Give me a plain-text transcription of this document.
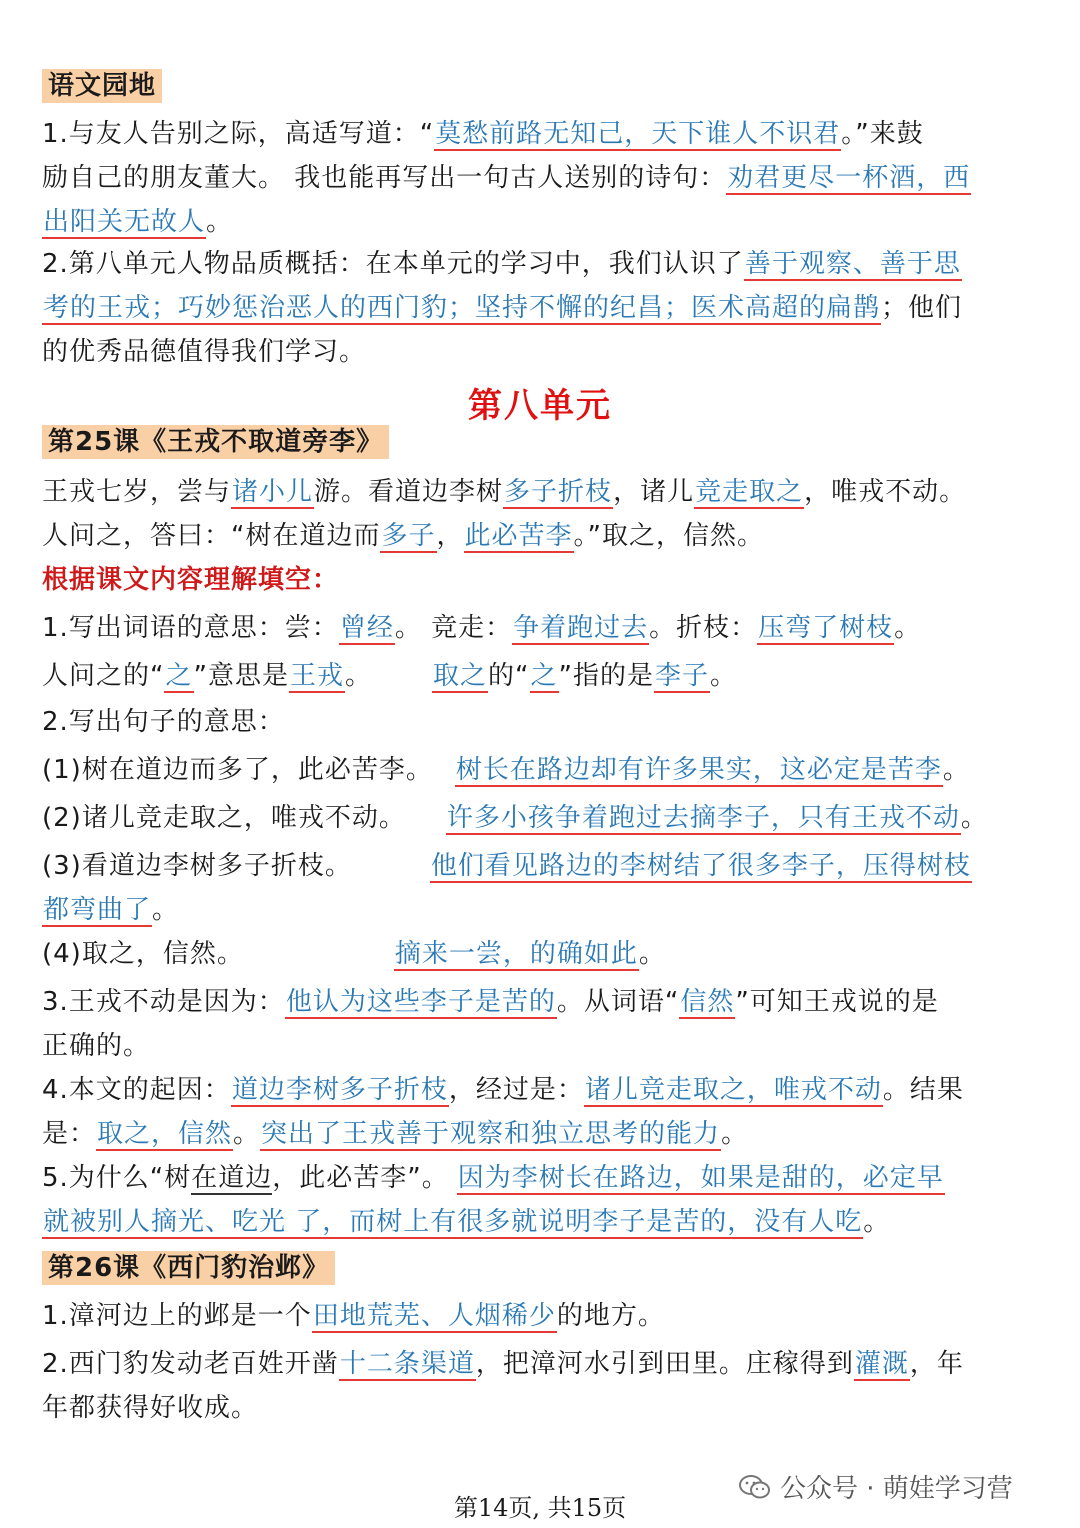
语文园地
1.与友人告别之际，高适写道：“莫愁前路无知己，天下谁人不识君。”来鼓
励自己的朋友董大。 我也能再写出一句古人送别的诗句：劝君更尽一杯酒，西
出阳关无故人。
2.第八单元人物品质概括：在本单元的学习中，我们认识了善于观察、善于思
考的王戎；巧妙惩治恶人的西门豹；坚持不懈的纪昌；医术高超的扁鹊；他们
的优秀品德值得我们学习。
第八单元
第25课《王戎不取道旁李》
王戎七岁，尝与诸小儿游。看道边李树多子折枝，诸儿竞走取之，唯戎不动。
人问之，答曰：“树在道边而多子，此必苦李。”取之，信然。
根据课文内容理解填空：
1.写出词语的意思：尝：曾经。 竞走：争着跑过去。折枝：压弯了树枝。
人问之的“之”意思是王戎。 取之的“之”指的是李子。
2.写出句子的意思：
(1)树在道边而多了，此必苦李。 树长在路边却有许多果实，这必定是苦李。
(2)诸儿竞走取之，唯戎不动。 许多小孩争着跑过去摘李子，只有王戎不动。
(3)看道边李树多子折枝。	他们看见路边的李树结了很多李子，压得树枝
都弯曲了。
(4)取之，信然。	摘来一尝，的确如此。
3.王戎不动是因为：他认为这些李子是苦的。从词语“信然”可知王戎说的是
正确的。
4.本文的起因：道边李树多子折枝，经过是：诸儿竞走取之，唯戎不动。结果
是：取之，信然。突出了王戎善于观察和独立思考的能力。
5.为什么“树在道边，此必苦李”。 因为李树长在路边，如果是甜的，必定早
就被别人摘光、吃光 了，而树上有很多就说明李子是苦的，没有人吃。
第26课《西门豹治邺》
1.漳河边上的邺是一个田地荒芜、人烟稀少的地方。
2.西门豹发动老百姓开凿十二条渠道，把漳河水引到田里。庄稼得到灌溉，年
年都获得好收成。
第14页, 共15页
公众号 · 萌娃学习营
